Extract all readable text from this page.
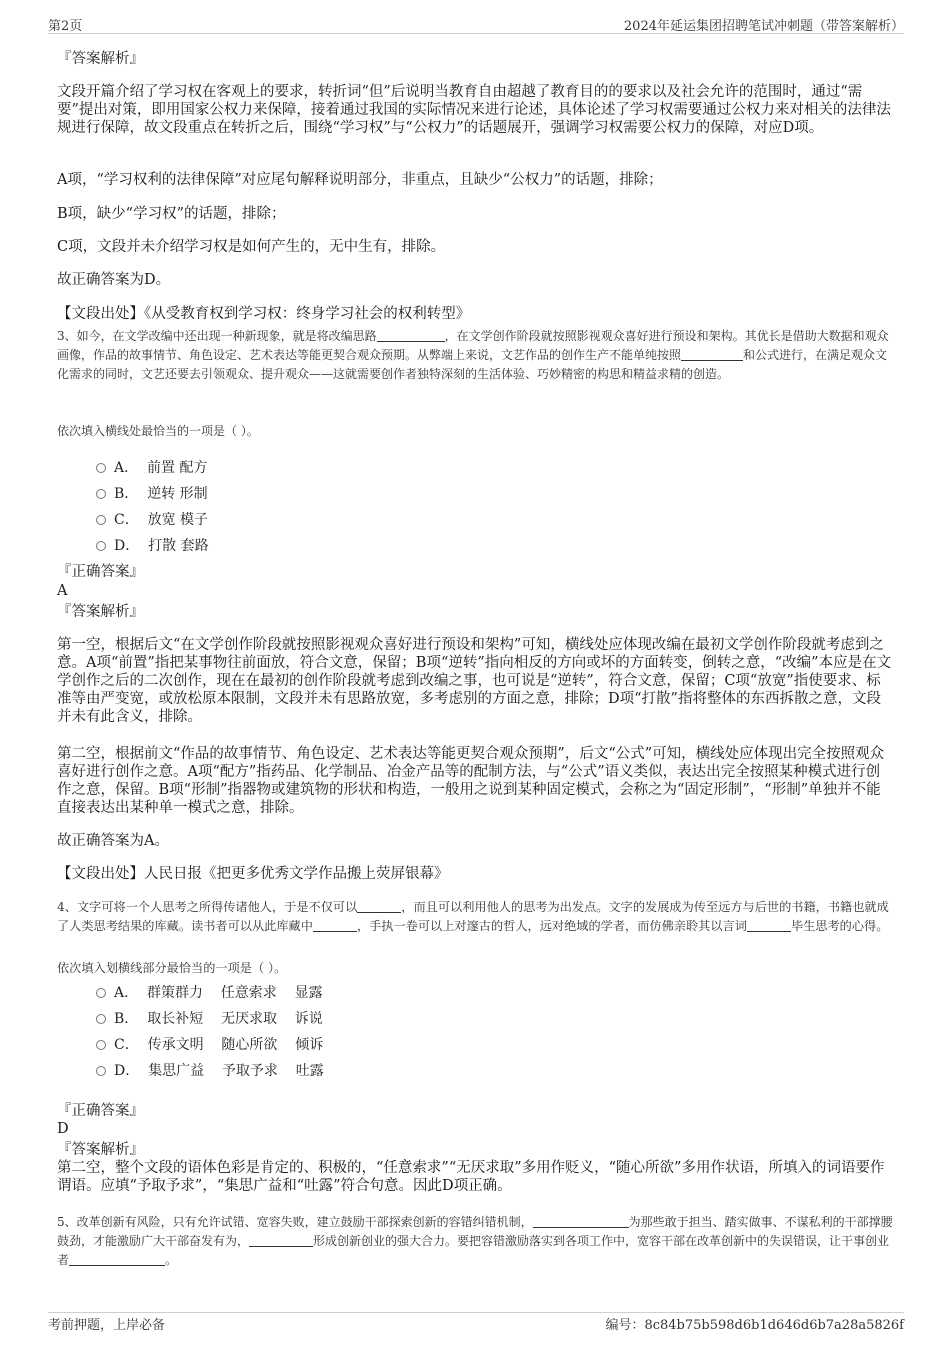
第2页	2024年延运集团招聘笔试冲刺题（带答案解析）
『答案解析』
文段开篇介绍了学习权在客观上的要求，转折词“但”后说明当教育自由超越了教育目的的要求以及社会允许的范围时，通过“需要”提出对策，即用国家公权力来保障，接着通过我国的实际情况来进行论述，具体论述了学习权需要通过公权力来对相关的法律法规进行保障，故文段重点在转折之后，围绕“学习权”与“公权力”的话题展开，强调学习权需要公权力的保障，对应D项。
A项，“学习权利的法律保障”对应尾句解释说明部分，非重点，且缺少“公权力”的话题，排除；
B项，缺少“学习权”的话题，排除；
C项，文段并未介绍学习权是如何产生的，无中生有，排除。
故正确答案为D。
【文段出处】《从受教育权到学习权：终身学习社会的权利转型》
3、如今，在文学改编中还出现一种新现象，就是将改编思路	，在文学创作阶段就按照影视观众喜好进行预设和架构。其优长是借助大数据和观众画像，作品的故事情节、角色设定、艺术表达等能更契合观众预期。从弊端上来说，文艺作品的创作生产不能单纯按照	和公式进行，在满足观众文化需求的同时，文艺还要去引领观众、提升观众——这就需要创作者独特深刻的生活体验、巧妙精密的构思和精益求精的创造。
依次填入横线处最恰当的一项是（ ）。
A．  前置 配方
B．  逆转 形制
C．  放宽 模子
D．  打散 套路
『正确答案』
A
『答案解析』
第一空，根据后文“在文学创作阶段就按照影视观众喜好进行预设和架构”可知，横线处应体现改编在最初文学创作阶段就考虑到之意。A项“前置”指把某事物往前面放，符合文意，保留；B项“逆转”指向相反的方向或坏的方面转变，倒转之意，“改编”本应是在文学创作之后的二次创作，现在在最初的创作阶段就考虑到改编之事，也可说是“逆转”，符合文意，保留；C项“放宽”指使要求、标准等由严变宽，或放松原本限制，文段并未有思路放宽，多考虑别的方面之意，排除；D项“打散”指将整体的东西拆散之意，文段并未有此含义，排除。
第二空，根据前文“作品的故事情节、角色设定、艺术表达等能更契合观众预期”，后文“公式”可知，横线处应体现出完全按照观众喜好进行创作之意。A项“配方”指药品、化学制品、冶金产品等的配制方法，与“公式”语义类似，表达出完全按照某种模式进行创作之意，保留。B项“形制”指器物或建筑物的形状和构造，一般用之说到某种固定模式，会称之为“固定形制”，“形制”单独并不能直接表达出某种单一模式之意，排除。
故正确答案为A。
【文段出处】人民日报《把更多优秀文学作品搬上荧屏银幕》
4、文字可将一个人思考之所得传诸他人，于是不仅可以	，而且可以利用他人的思考为出发点。文字的发展成为传至远方与后世的书籍，书籍也就成了人类思考结果的库藏。读书者可以从此库藏中	，手执一卷可以上对邃古的哲人，远对绝域的学者，而仿佛亲聆其以言词	毕生思考的心得。
依次填入划横线部分最恰当的一项是（ ）。
A．  群策群力    任意索求    显露
B．  取长补短    无厌求取    诉说
C．  传承文明    随心所欲    倾诉
D．  集思广益    予取予求    吐露
『正确答案』
D
『答案解析』
第二空，整个文段的语体色彩是肯定的、积极的，“任意索求”“无厌求取”多用作贬义，“随心所欲”多用作状语，所填入的词语要作谓语。应填“予取予求”，“集思广益和“吐露”符合句意。因此D项正确。
5、改革创新有风险，只有允许试错、宽容失败，建立鼓励干部探索创新的容错纠错机制，	为那些敢于担当、踏实做事、不谋私利的干部撑腰鼓劲，才能激励广大干部奋发有为，	形成创新创业的强大合力。要把容错激励落实到各项工作中，宽容干部在改革创新中的失误错误，让干事创业者	。
考前押题，上岸必备	编号：8c84b75b598d6b1d646d6b7a28a5826f
